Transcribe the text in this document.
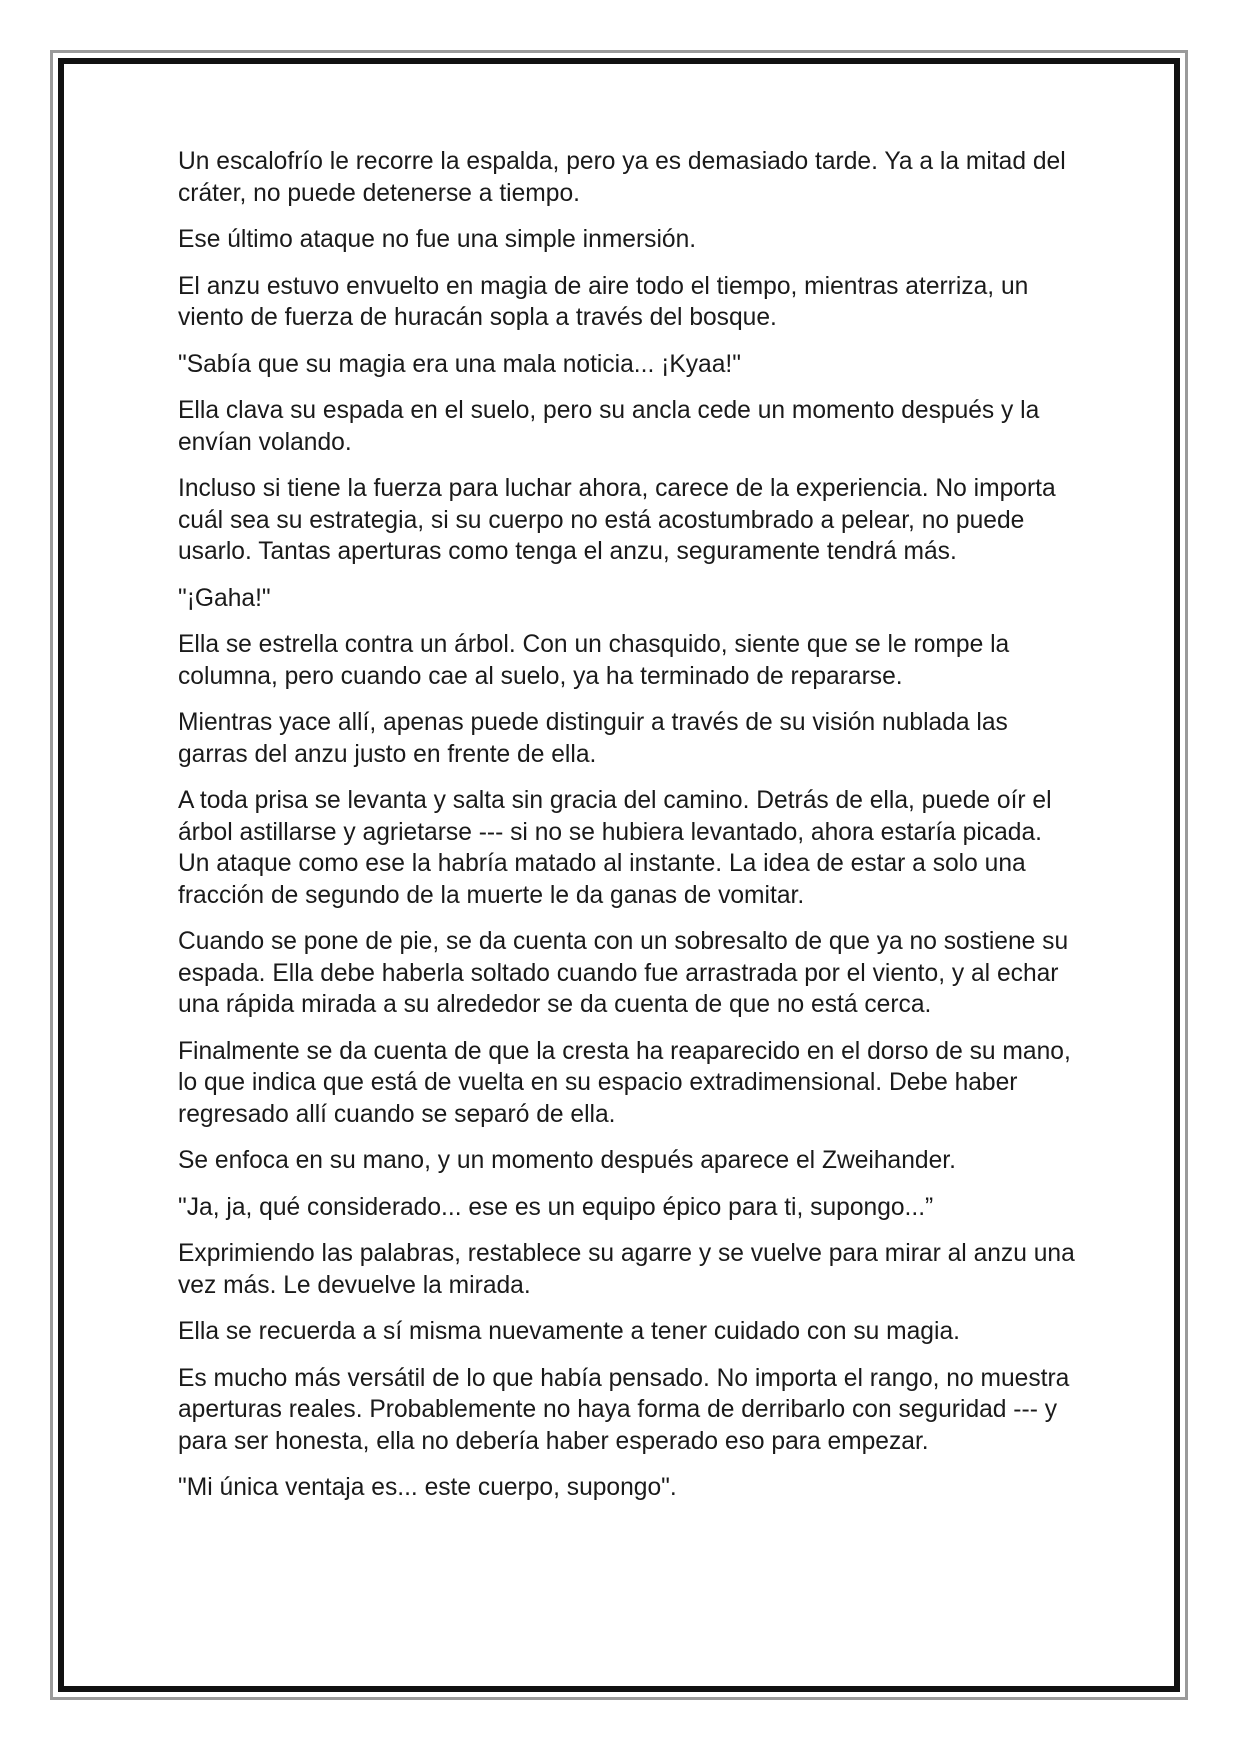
Un escalofrío le recorre la espalda, pero ya es demasiado tarde. Ya a la mitad del cráter, no puede detenerse a tiempo.

Ese último ataque no fue una simple inmersión.

El anzu estuvo envuelto en magia de aire todo el tiempo, mientras aterriza, un viento de fuerza de huracán sopla a través del bosque.

"Sabía que su magia era una mala noticia... ¡Kyaa!"

Ella clava su espada en el suelo, pero su ancla cede un momento después y la envían volando.

Incluso si tiene la fuerza para luchar ahora, carece de la experiencia. No importa cuál sea su estrategia, si su cuerpo no está acostumbrado a pelear, no puede usarlo. Tantas aperturas como tenga el anzu, seguramente tendrá más.

"¡Gaha!"

Ella se estrella contra un árbol. Con un chasquido, siente que se le rompe la columna, pero cuando cae al suelo, ya ha terminado de repararse.

Mientras yace allí, apenas puede distinguir a través de su visión nublada las garras del anzu justo en frente de ella.

A toda prisa se levanta y salta sin gracia del camino. Detrás de ella, puede oír el árbol astillarse y agrietarse --- si no se hubiera levantado, ahora estaría picada. Un ataque como ese la habría matado al instante. La idea de estar a solo una fracción de segundo de la muerte le da ganas de vomitar.

Cuando se pone de pie, se da cuenta con un sobresalto de que ya no sostiene su espada. Ella debe haberla soltado cuando fue arrastrada por el viento, y al echar una rápida mirada a su alrededor se da cuenta de que no está cerca.

Finalmente se da cuenta de que la cresta ha reaparecido en el dorso de su mano, lo que indica que está de vuelta en su espacio extradimensional. Debe haber regresado allí cuando se separó de ella.

Se enfoca en su mano, y un momento después aparece el Zweihander.

"Ja, ja, qué considerado... ese es un equipo épico para ti, supongo...”

Exprimiendo las palabras, restablece su agarre y se vuelve para mirar al anzu una vez más. Le devuelve la mirada.

Ella se recuerda a sí misma nuevamente a tener cuidado con su magia.

Es mucho más versátil de lo que había pensado. No importa el rango, no muestra aperturas reales. Probablemente no haya forma de derribarlo con seguridad --- y para ser honesta, ella no debería haber esperado eso para empezar.

"Mi única ventaja es... este cuerpo, supongo".
